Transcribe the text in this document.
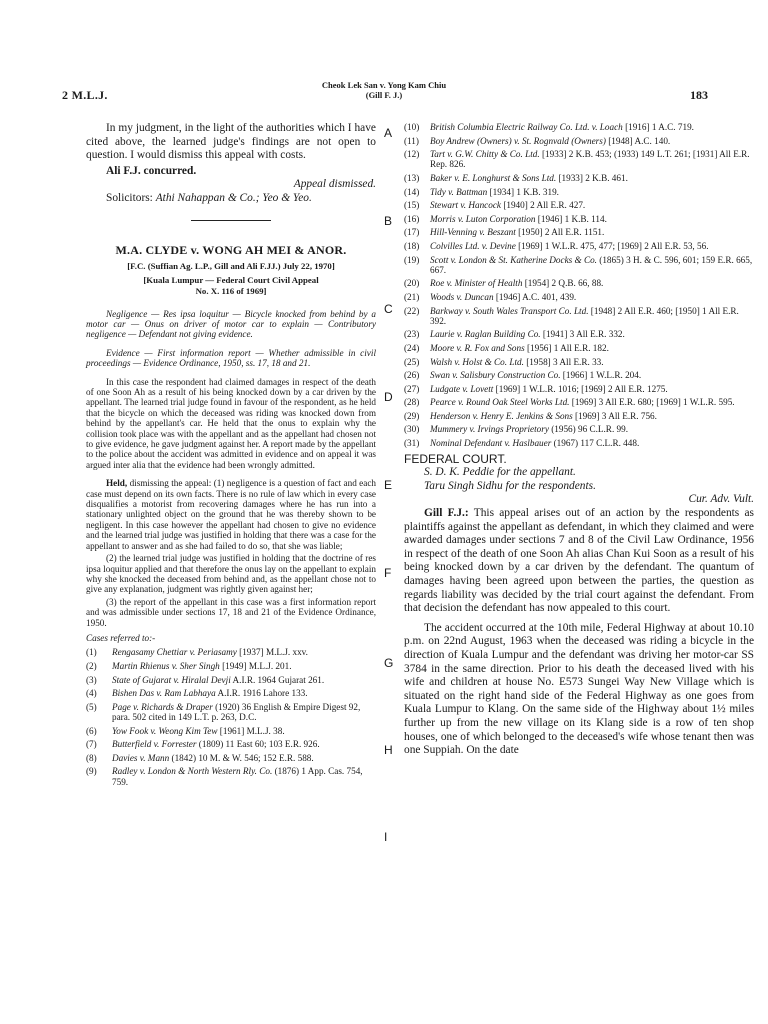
2 M.L.J.
Cheok Lek San v. Yong Kam Chiu
(Gill F. J.)	183
A
B
C
D
E
F
G
H
I

In my judgment, in the light of the authorities which I have cited above, the learned judge's findings are not open to question. I would dismiss this appeal with costs.

Ali F.J. concurred.

Appeal dismissed.

Solicitors: Athi Nahappan & Co.; Yeo & Yeo.

M.A. CLYDE v. WONG AH MEI & ANOR.
[F.C. (Suffian Ag. L.P., Gill and Ali F.JJ.) July 22, 1970]
[Kuala Lumpur — Federal Court Civil Appeal
No. X. 116 of 1969]

Negligence — Res ipsa loquitur — Bicycle knocked from behind by a motor car — Onus on driver of motor car to explain — Contributory negligence — Defendant not giving evidence.

Evidence — First information report — Whether admissible in civil proceedings — Evidence Ordinance, 1950, ss. 17, 18 and 21.

In this case the respondent had claimed damages in respect of the death of one Soon Ah as a result of his being knocked down by a car driven by the appellant. The learned trial judge found in favour of the respondent, as he held that the bicycle on which the deceased was riding was knocked down from behind by the appellant's car. He held that the onus to explain why the collision took place was with the appellant and as the appellant had chosen not to give evidence, he gave judgment against her. A report made by the appellant to the police about the accident was admitted in evidence and on appeal it was argued inter alia that the evidence had been wrongly admitted.

Held, dismissing the appeal: (1) negligence is a question of fact and each case must depend on its own facts. There is no rule of law which in every case disqualifies a motorist from recovering damages where he has run into a stationary unlighted object on the ground that he was thereby shown to be negligent. In this case however the appellant had chosen to give no evidence and the learned trial judge was justified in holding that there was a case for the appellant to answer and as she had failed to do so, that she was liable;

(2) the learned trial judge was justified in holding that the doctrine of res ipsa loquitur applied and that therefore the onus lay on the appellant to explain why she knocked the deceased from behind and, as the appellant chose not to give any explanation, judgment was rightly given against her;

(3) the report of the appellant in this case was a first information report and was admissible under sections 17, 18 and 21 of the Evidence Ordinance, 1950.

Cases referred to:-

(1) Rengasamy Chettiar v. Periasamy [1937] M.L.J. xxv.
(2) Martin Rhienus v. Sher Singh [1949] M.L.J. 201.
(3) State of Gujarat v. Hiralal Devji A.I.R. 1964 Gujarat 261.
(4) Bishen Das v. Ram Labhaya A.I.R. 1916 Lahore 133.
(5) Page v. Richards & Draper (1920) 36 English & Empire Digest 92, para. 502 cited in 149 L.T. p. 263, D.C.
(6) Yow Fook v. Weong Kim Tew [1961] M.L.J. 38.
(7) Butterfield v. Forrester (1809) 11 East 60; 103 E.R. 926.
(8) Davies v. Mann (1842) 10 M. & W. 546; 152 E.R. 588.
(9) Radley v. London & North Western Rly. Co. (1876) 1 App. Cas. 754, 759.
(10) British Columbia Electric Railway Co. Ltd. v. Loach [1916] 1 A.C. 719.
(11) Boy Andrew (Owners) v. St. Rognvald (Owners) [1948] A.C. 140.
(12) Tart v. G.W. Chitty & Co. Ltd. [1933] 2 K.B. 453; (1933) 149 L.T. 261; [1931] All E.R. Rep. 826.
(13) Baker v. E. Longhurst & Sons Ltd. [1933] 2 K.B. 461.
(14) Tidy v. Battman [1934] 1 K.B. 319.
(15) Stewart v. Hancock [1940] 2 All E.R. 427.
(16) Morris v. Luton Corporation [1946] 1 K.B. 114.
(17) Hill-Venning v. Beszant [1950] 2 All E.R. 1151.
(18) Colvilles Ltd. v. Devine [1969] 1 W.L.R. 475, 477; [1969] 2 All E.R. 53, 56.
(19) Scott v. London & St. Katherine Docks & Co. (1865) 3 H. & C. 596, 601; 159 E.R. 665, 667.
(20) Roe v. Minister of Health [1954] 2 Q.B. 66, 88.
(21) Woods v. Duncan [1946] A.C. 401, 439.
(22) Barkway v. South Wales Transport Co. Ltd. [1948] 2 All E.R. 460; [1950] 1 All E.R. 392.
(23) Laurie v. Raglan Building Co. [1941] 3 All E.R. 332.
(24) Moore v. R. Fox and Sons [1956] 1 All E.R. 182.
(25) Walsh v. Holst & Co. Ltd. [1958] 3 All E.R. 33.
(26) Swan v. Salisbury Construction Co. [1966] 1 W.L.R. 204.
(27) Ludgate v. Lovett [1969] 1 W.L.R. 1016; [1969] 2 All E.R. 1275.
(28) Pearce v. Round Oak Steel Works Ltd. [1969] 3 All E.R. 680; [1969] 1 W.L.R. 595.
(29) Henderson v. Henry E. Jenkins & Sons [1969] 3 All E.R. 756.
(30) Mummery v. Irvings Proprietory (1956) 96 C.L.R. 99.
(31) Nominal Defendant v. Haslbauer (1967) 117 C.L.R. 448.
FEDERAL COURT.

S. D. K. Peddie for the appellant.

Taru Singh Sidhu for the respondents.

Cur. Adv. Vult.

Gill F.J.: This appeal arises out of an action by the respondents as plaintiffs against the appellant as defendant, in which they claimed and were awarded damages under sections 7 and 8 of the Civil Law Ordinance, 1956 in respect of the death of one Soon Ah alias Chan Kui Soon as a result of his being knocked down by a car driven by the defendant. The quantum of damages having been agreed upon between the parties, the question as regards liability was decided by the trial court against the defendant. From that decision the defendant has now appealed to this court.

The accident occurred at the 10th mile, Federal Highway at about 10.10 p.m. on 22nd August, 1963 when the deceased was riding a bicycle in the direction of Kuala Lumpur and the defendant was driving her motor-car SS 3784 in the same direction. Prior to his death the deceased lived with his wife and children at house No. E573 Sungei Way New Village which is situated on the right hand side of the Federal Highway as one goes from Kuala Lumpur to Klang. On the same side of the Highway about 1½ miles further up from the new village on its Klang side is a row of ten shop houses, one of which belonged to the deceased's wife whose tenant then was one Suppiah. On the date
